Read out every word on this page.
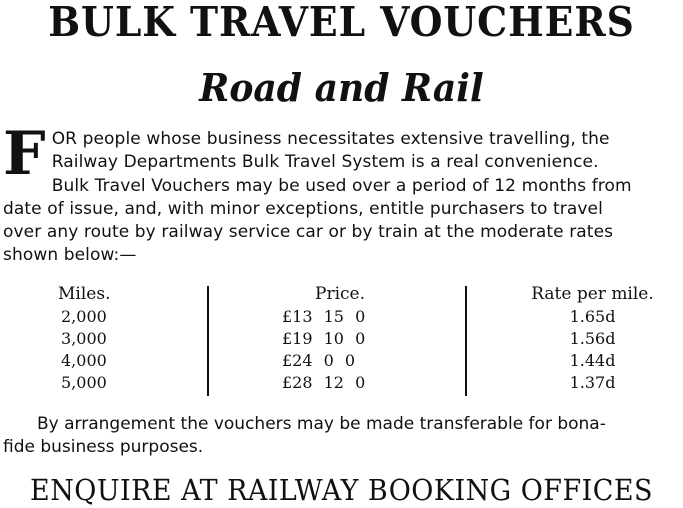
BULK TRAVEL VOUCHERS
Road and Rail
F OR people whose business necessitates extensive travelling, the
Railway Departments Bulk Travel System is a real convenience.
Bulk Travel Vouchers may be used over a period of 12 months from
date of issue, and, with minor exceptions, entitle purchasers to travel
over any route by railway service car or by train at the moderate rates
shown below:—
Miles.
2,000
3,000
4,000
5,000
Price.
£13 15 0
£19 10 0
£24 0 0
£28 12 0
Rate per mile.
1.65d
1.56d
1.44d
1.37d
By arrangement the vouchers may be made transferable for bona-
fide business purposes.
ENQUIRE AT RAILWAY BOOKING OFFICES
